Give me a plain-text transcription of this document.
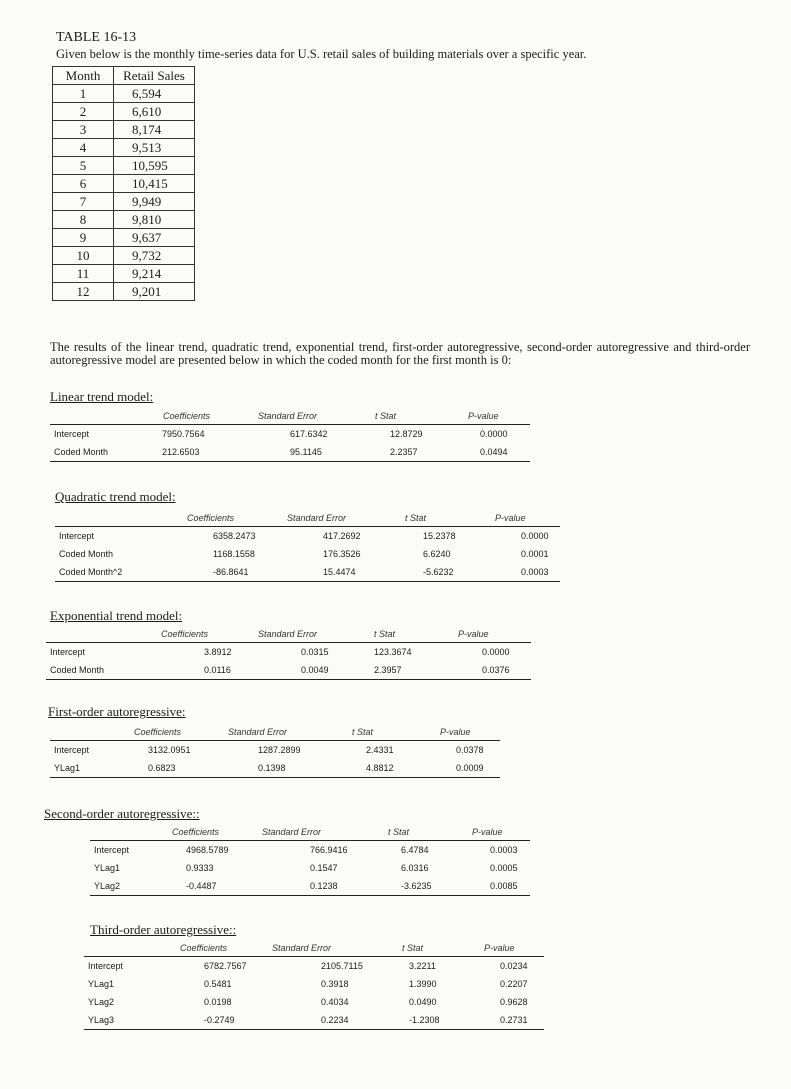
TABLE 16-13
Given below is the monthly time-series data for U.S. retail sales of building materials over a specific year.
Month	Retail Sales
1	6,594
2	6,610
3	8,174
4	9,513
5	10,595
6	10,415
7	9,949
8	9,810
9	9,637
10	9,732
11	9,214
12	9,201
The results of the linear trend, quadratic trend, exponential trend, first-order autoregressive, second-order autoregressive and third-order autoregressive model are presented below in which the coded month for the first month is 0:
Linear trend model:
Quadratic trend model:
Exponential trend model:
First-order autoregressive:
Second-order autoregressive::
Third-order autoregressive::
Coefficients	Standard Error	t Stat	P-value
Intercept	7950.7564	617.6342	12.8729	0.0000
Coded Month	212.6503	95.1145	2.2357	0.0494
Coefficients	Standard Error	t Stat	P-value
Intercept	6358.2473	417.2692	15.2378	0.0000
Coded Month	1168.1558	176.3526	6.6240	0.0001
Coded Month^2	-86.8641	15.4474	-5.6232	0.0003
Coefficients	Standard Error	t Stat	P-value
Intercept	3.8912	0.0315	123.3674	0.0000
Coded Month	0.0116	0.0049	2.3957	0.0376
Coefficients	Standard Error	t Stat	P-value
Intercept	3132.0951	1287.2899	2.4331	0.0378
YLag1	0.6823	0.1398	4.8812	0.0009
Coefficients	Standard Error	t Stat	P-value
Intercept	4968.5789	766.9416	6.4784	0.0003
YLag1	0.9333	0.1547	6.0316	0.0005
YLag2	-0.4487	0.1238	-3.6235	0.0085
Coefficients	Standard Error	t Stat	P-value
Intercept	6782.7567	2105.7115	3.2211	0.0234
YLag1	0.5481	0.3918	1.3990	0.2207
YLag2	0.0198	0.4034	0.0490	0.9628
YLag3	-0.2749	0.2234	-1.2308	0.2731
